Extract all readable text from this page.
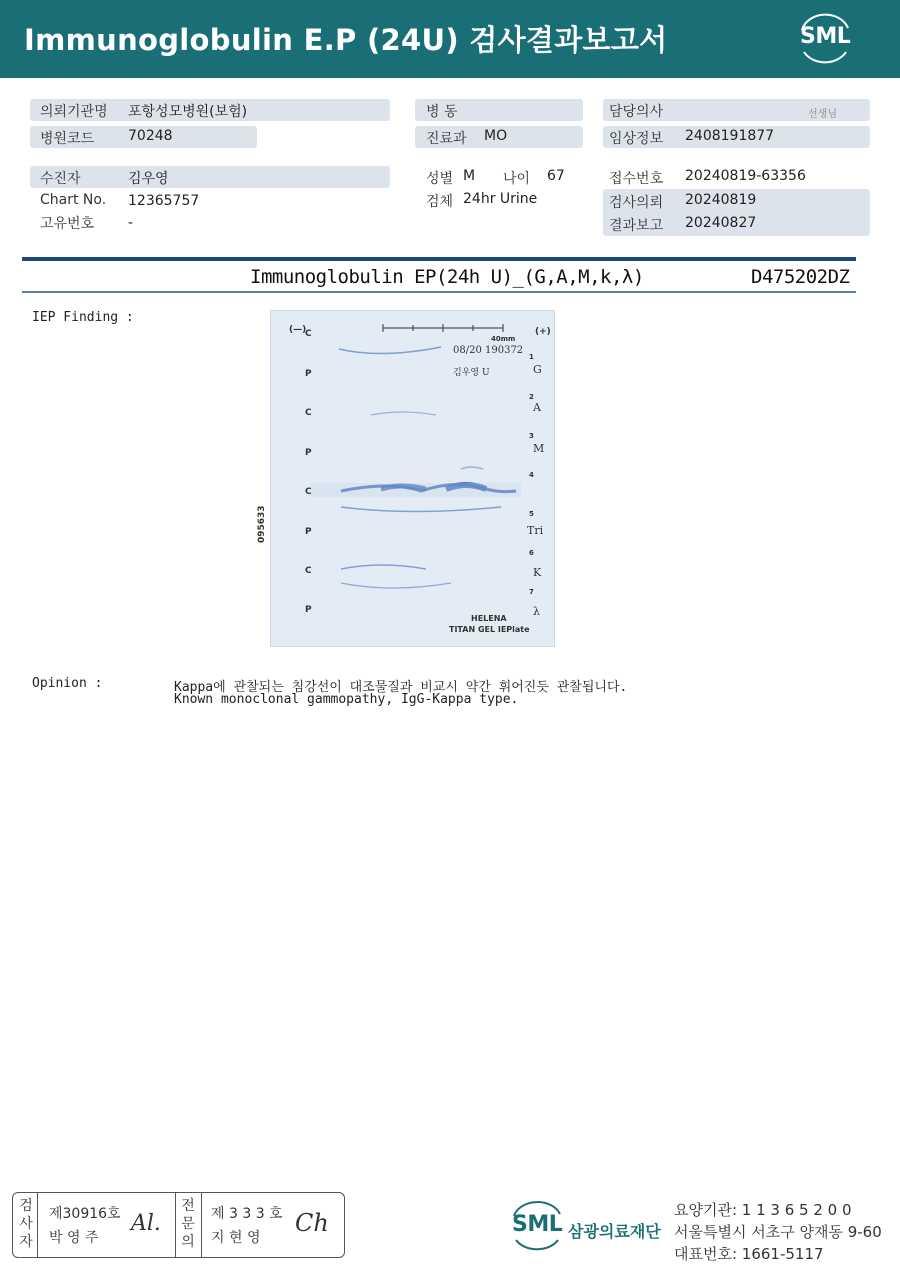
Immunoglobulin E.P (24U) 검사결과보고서	SML
의뢰기관명 포항성모병원(보험)
병원코드 70248
병 동
진료과 MO
담당의사	선생님
임상정보 2408191877
수진자	김우영
Chart No. 12365757
고유번호 -
성별 M 나이 67
검체 24hr Urine
접수번호 20240819-63356
검사의뢰 20240819
결과보고 20240827
Immunoglobulin EP(24h U)_(G,A,M,k,λ)	D475202DZ
IEP Finding :
(—)	(+)
40mm
08/20 190372
김우영 U
C
P
C
P
C
P
C
P
095633
1
G
2
A
3
M
4
5
Tri
6
K
7
λ
HELENA
TITAN GEL IEPlate
Opinion :	Kappa에 관찰되는 침강선이 대조물질과 비교시 약간 휘어진듯 관찰됩니다.
Known monoclonal gammopathy, IgG-Kappa type.
검사자
제30916호
박 영 주
Al.
전문의
제 3 3 3 호
지 현 영
Ch	SML 삼광의료재단
요양기관: 1 1 3 6 5 2 0 0
서울특별시 서초구 양재동 9-60
대표번호: 1661-5117
